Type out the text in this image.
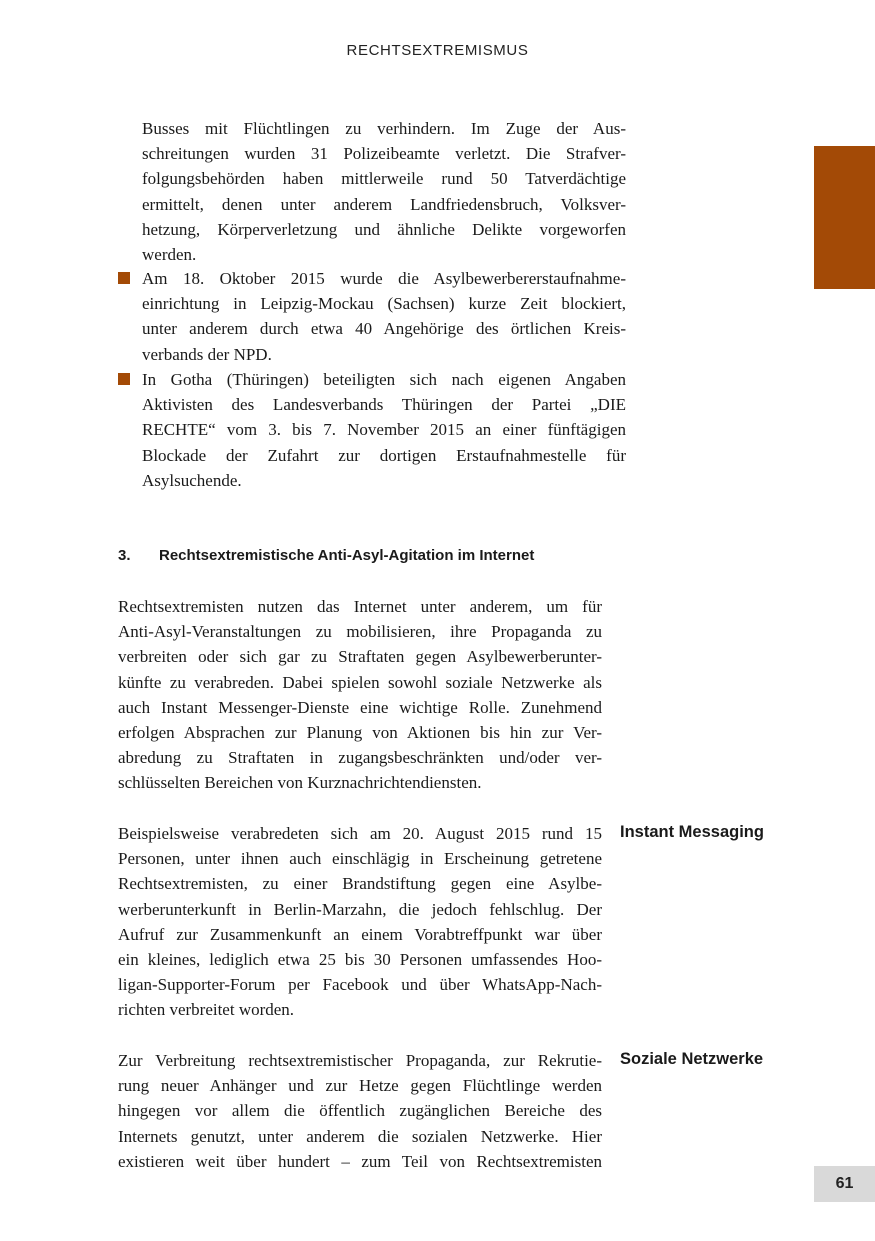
RECHTSEXTREMISMUS
Busses mit Flüchtlingen zu verhindern. Im Zuge der Aus-
schreitungen wurden 31 Polizeibeamte verletzt. Die Strafver-
folgungsbehörden haben mittlerweile rund 50 Tatverdächtige
ermittelt, denen unter anderem Landfriedensbruch, Volksver-
hetzung, Körperverletzung und ähnliche Delikte vorgeworfen
werden.
Am 18. Oktober 2015 wurde die Asylbewerbererstaufnahme-
einrichtung in Leipzig-Mockau (Sachsen) kurze Zeit blockiert,
unter anderem durch etwa 40 Angehörige des örtlichen Kreis-
verbands der NPD.
In Gotha (Thüringen) beteiligten sich nach eigenen Angaben
Aktivisten des Landesverbands Thüringen der Partei „DIE
RECHTE“ vom 3. bis 7. November 2015 an einer fünftägigen
Blockade der Zufahrt zur dortigen Erstaufnahmestelle für
Asylsuchende.
3. Rechtsextremistische Anti-Asyl-Agitation im Internet
Rechtsextremisten nutzen das Internet unter anderem, um für
Anti-Asyl-Veranstaltungen zu mobilisieren, ihre Propaganda zu
verbreiten oder sich gar zu Straftaten gegen Asylbewerberunter-
künfte zu verabreden. Dabei spielen sowohl soziale Netzwerke als
auch Instant Messenger-Dienste eine wichtige Rolle. Zunehmend
erfolgen Absprachen zur Planung von Aktionen bis hin zur Ver-
abredung zu Straftaten in zugangsbeschränkten und/oder ver-
schlüsselten Bereichen von Kurznachrichtendiensten.
Instant Messaging
Beispielsweise verabredeten sich am 20. August 2015 rund 15
Personen, unter ihnen auch einschlägig in Erscheinung getretene
Rechtsextremisten, zu einer Brandstiftung gegen eine Asylbe-
werberunterkunft in Berlin-Marzahn, die jedoch fehlschlug. Der
Aufruf zur Zusammenkunft an einem Vorabtreffpunkt war über
ein kleines, lediglich etwa 25 bis 30 Personen umfassendes Hoo-
ligan-Supporter-Forum per Facebook und über WhatsApp-Nach-
richten verbreitet worden.
Soziale Netzwerke
Zur Verbreitung rechtsextremistischer Propaganda, zur Rekrutie-
rung neuer Anhänger und zur Hetze gegen Flüchtlinge werden
hingegen vor allem die öffentlich zugänglichen Bereiche des
Internets genutzt, unter anderem die sozialen Netzwerke. Hier
existieren weit über hundert – zum Teil von Rechtsextremisten
61
